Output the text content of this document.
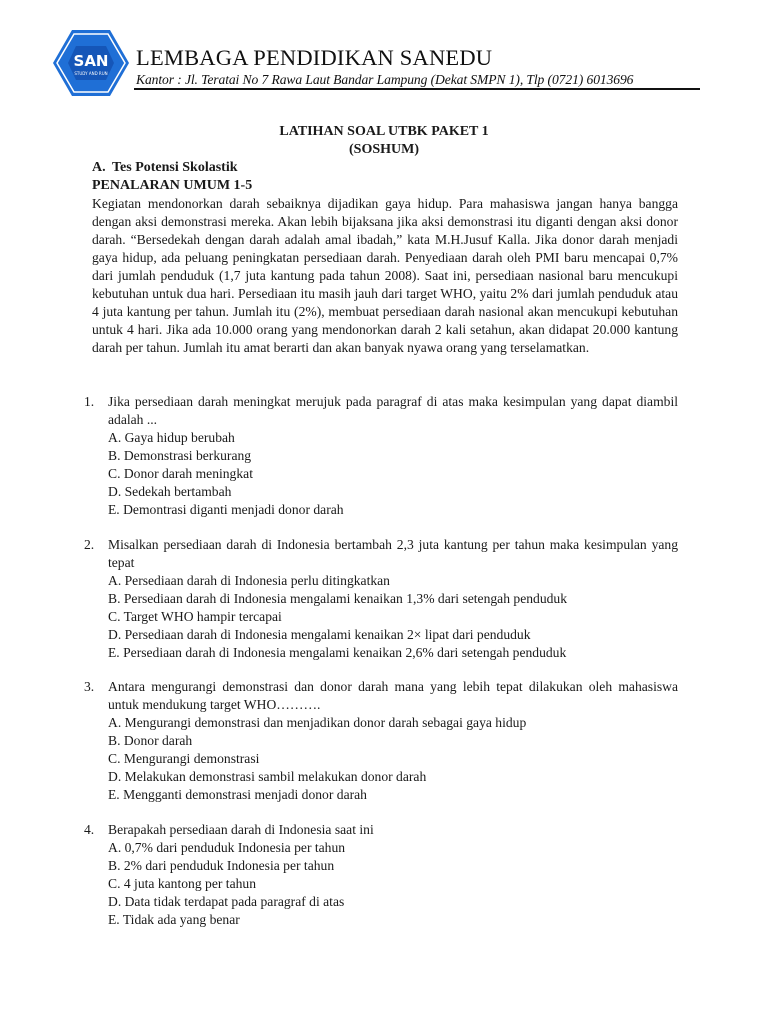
SAN
STUDY AND RUN
LEMBAGA PENDIDIKAN SANEDU
Kantor : Jl. Teratai No 7 Rawa Laut Bandar Lampung (Dekat SMPN 1), Tlp (0721) 6013696
LATIHAN SOAL UTBK PAKET 1
(SOSHUM)
A. Tes Potensi Skolastik
PENALARAN UMUM 1-5

Kegiatan mendonorkan darah sebaiknya dijadikan gaya hidup. Para mahasiswa jangan hanya bangga dengan aksi demonstrasi mereka. Akan lebih bijaksana jika aksi demonstrasi itu diganti dengan aksi donor darah. “Bersedekah dengan darah adalah amal ibadah,” kata M.H.Jusuf Kalla. Jika donor darah menjadi gaya hidup, ada peluang peningkatan persediaan darah. Penyediaan darah oleh PMI baru mencapai 0,7% dari jumlah penduduk (1,7 juta kantung pada tahun 2008). Saat ini, persediaan nasional baru mencukupi kebutuhan untuk dua hari. Persediaan itu masih jauh dari target WHO, yaitu 2% dari jumlah penduduk atau 4 juta kantung per tahun. Jumlah itu (2%), membuat persediaan darah nasional akan mencukupi kebutuhan untuk 4 hari. Jika ada 10.000 orang yang mendonorkan darah 2 kali setahun, akan didapat 20.000 kantung darah per tahun. Jumlah itu amat berarti dan akan banyak nyawa orang yang terselamatkan.

1.	Jika persediaan darah meningkat merujuk pada paragraf di atas maka kesimpulan yang dapat diambil adalah ...
A. Gaya hidup berubah
B. Demonstrasi berkurang
C. Donor darah meningkat
D. Sedekah bertambah
E. Demontrasi diganti menjadi donor darah
2.	Misalkan persediaan darah di Indonesia bertambah 2,3 juta kantung per tahun maka kesimpulan yang tepat
A. Persediaan darah di Indonesia perlu ditingkatkan
B. Persediaan darah di Indonesia mengalami kenaikan 1,3% dari setengah penduduk
C. Target WHO hampir tercapai
D. Persediaan darah di Indonesia mengalami kenaikan 2× lipat dari penduduk
E. Persediaan darah di Indonesia mengalami kenaikan 2,6% dari setengah penduduk
3.	Antara mengurangi demonstrasi dan donor darah mana yang lebih tepat dilakukan oleh mahasiswa untuk mendukung target WHO……….
A. Mengurangi demonstrasi dan menjadikan donor darah sebagai gaya hidup
B. Donor darah
C. Mengurangi demonstrasi
D. Melakukan demonstrasi sambil melakukan donor darah
E. Mengganti demonstrasi menjadi donor darah
4.	Berapakah persediaan darah di Indonesia saat ini
A. 0,7% dari penduduk Indonesia per tahun
B. 2% dari penduduk Indonesia per tahun
C. 4 juta kantong per tahun
D. Data tidak terdapat pada paragraf di atas
E. Tidak ada yang benar
